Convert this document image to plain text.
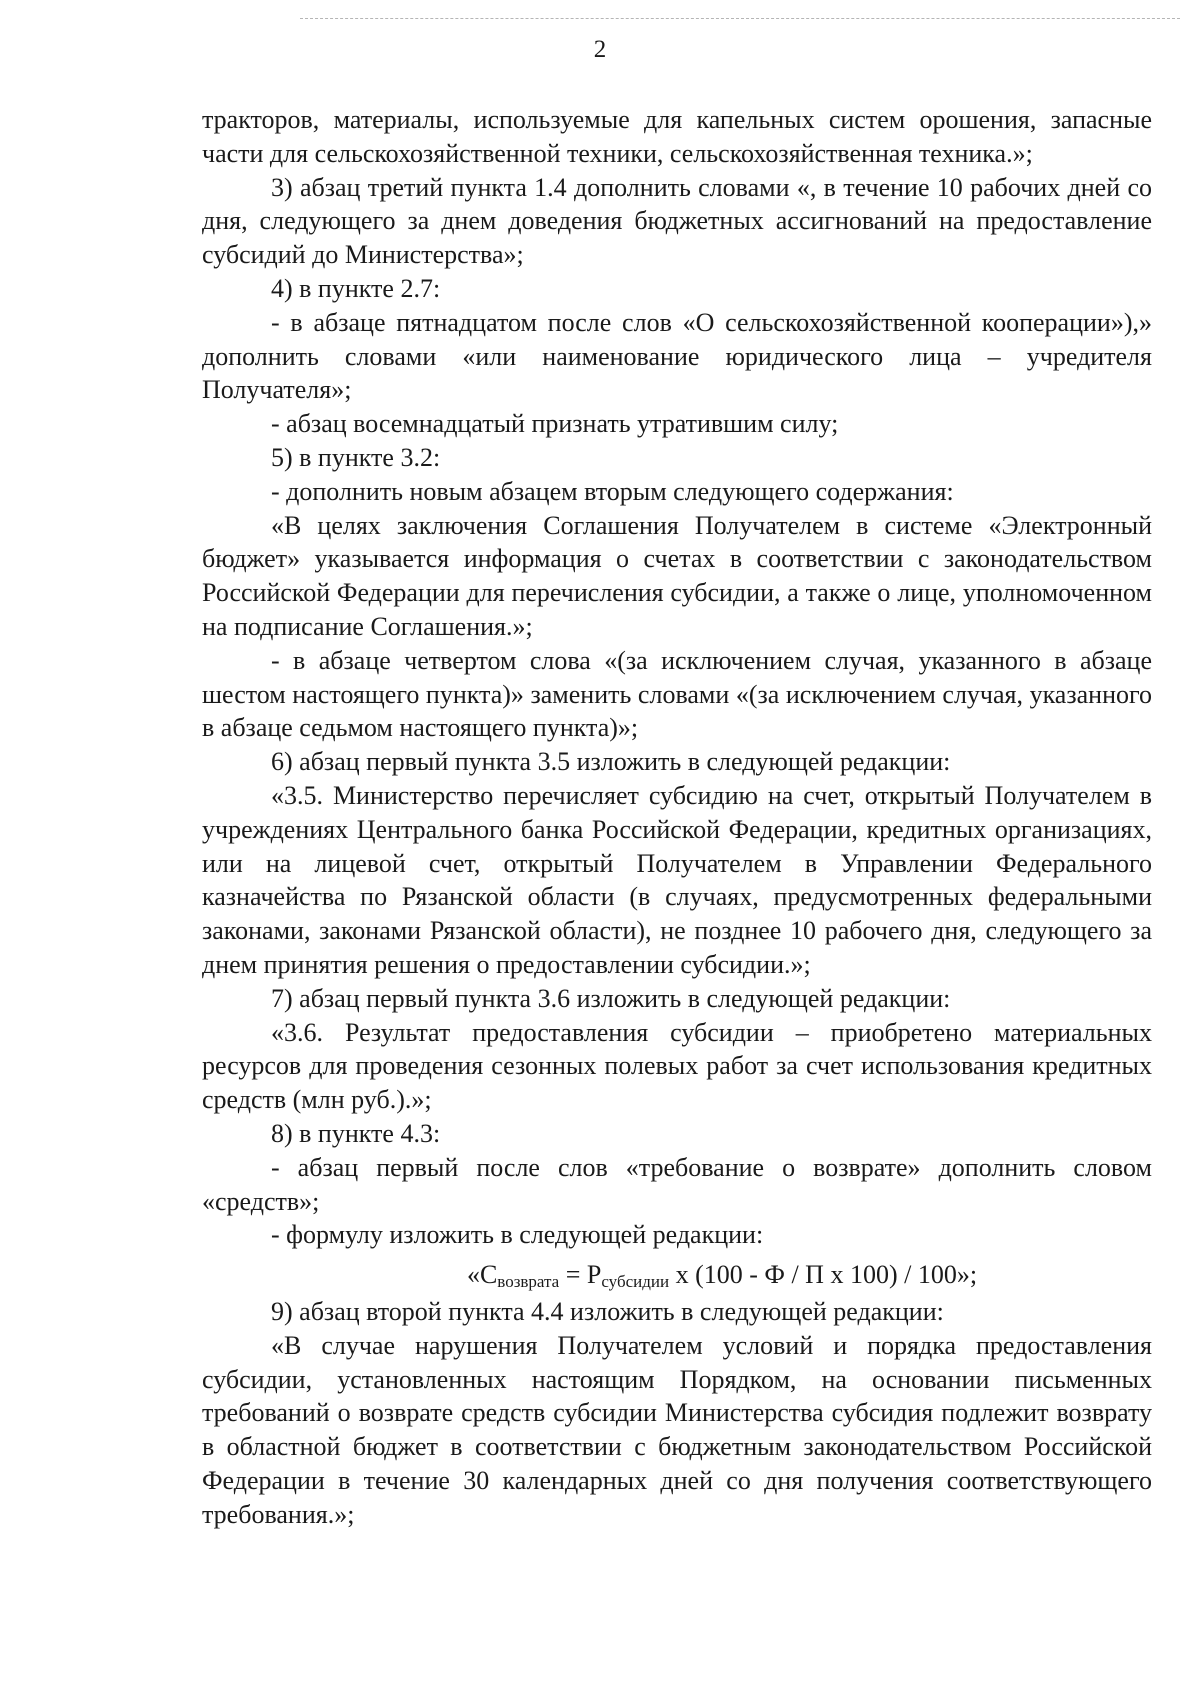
2

тракторов, материалы, используемые для капельных систем орошения, запасные части для сельскохозяйственной техники, сельскохозяйственная техника.»;

3) абзац третий пункта 1.4 дополнить словами «, в течение 10 рабочих дней со дня, следующего за днем доведения бюджетных ассигнований на предоставление субсидий до Министерства»;

4) в пункте 2.7:

- в абзаце пятнадцатом после слов «О сельскохозяйственной кооперации»),» дополнить словами «или наименование юридического лица – учредителя Получателя»;

- абзац восемнадцатый признать утратившим силу;

5) в пункте 3.2:

- дополнить новым абзацем вторым следующего содержания:

«В целях заключения Соглашения Получателем в системе «Электронный бюджет» указывается информация о счетах в соответствии с законодательством Российской Федерации для перечисления субсидии, а также о лице, уполномоченном на подписание Соглашения.»;

- в абзаце четвертом слова «(за исключением случая, указанного в абзаце шестом настоящего пункта)» заменить словами «(за исключением случая, указанного в абзаце седьмом настоящего пункта)»;

6) абзац первый пункта 3.5 изложить в следующей редакции:

«3.5. Министерство перечисляет субсидию на счет, открытый Получателем в учреждениях Центрального банка Российской Федерации, кредитных организациях, или на лицевой счет, открытый Получателем в Управлении Федерального казначейства по Рязанской области (в случаях, предусмотренных федеральными законами, законами Рязанской области), не позднее 10 рабочего дня, следующего за днем принятия решения о предоставлении субсидии.»;

7) абзац первый пункта 3.6 изложить в следующей редакции:

«3.6. Результат предоставления субсидии – приобретено материальных ресурсов для проведения сезонных полевых работ за счет использования кредитных средств (млн руб.).»;

8) в пункте 4.3:

- абзац первый после слов «требование о возврате» дополнить словом «средств»;

- формулу изложить в следующей редакции:

«$C_{возврата} = P_{субсидии}$ x (100 - Ф / П x 100) / 100»;

9) абзац второй пункта 4.4 изложить в следующей редакции:

«В случае нарушения Получателем условий и порядка предоставления субсидии, установленных настоящим Порядком, на основании письменных требований о возврате средств субсидии Министерства субсидия подлежит возврату в областной бюджет в соответствии с бюджетным законодательством Российской Федерации в течение 30 календарных дней со дня получения соответствующего требования.»;
